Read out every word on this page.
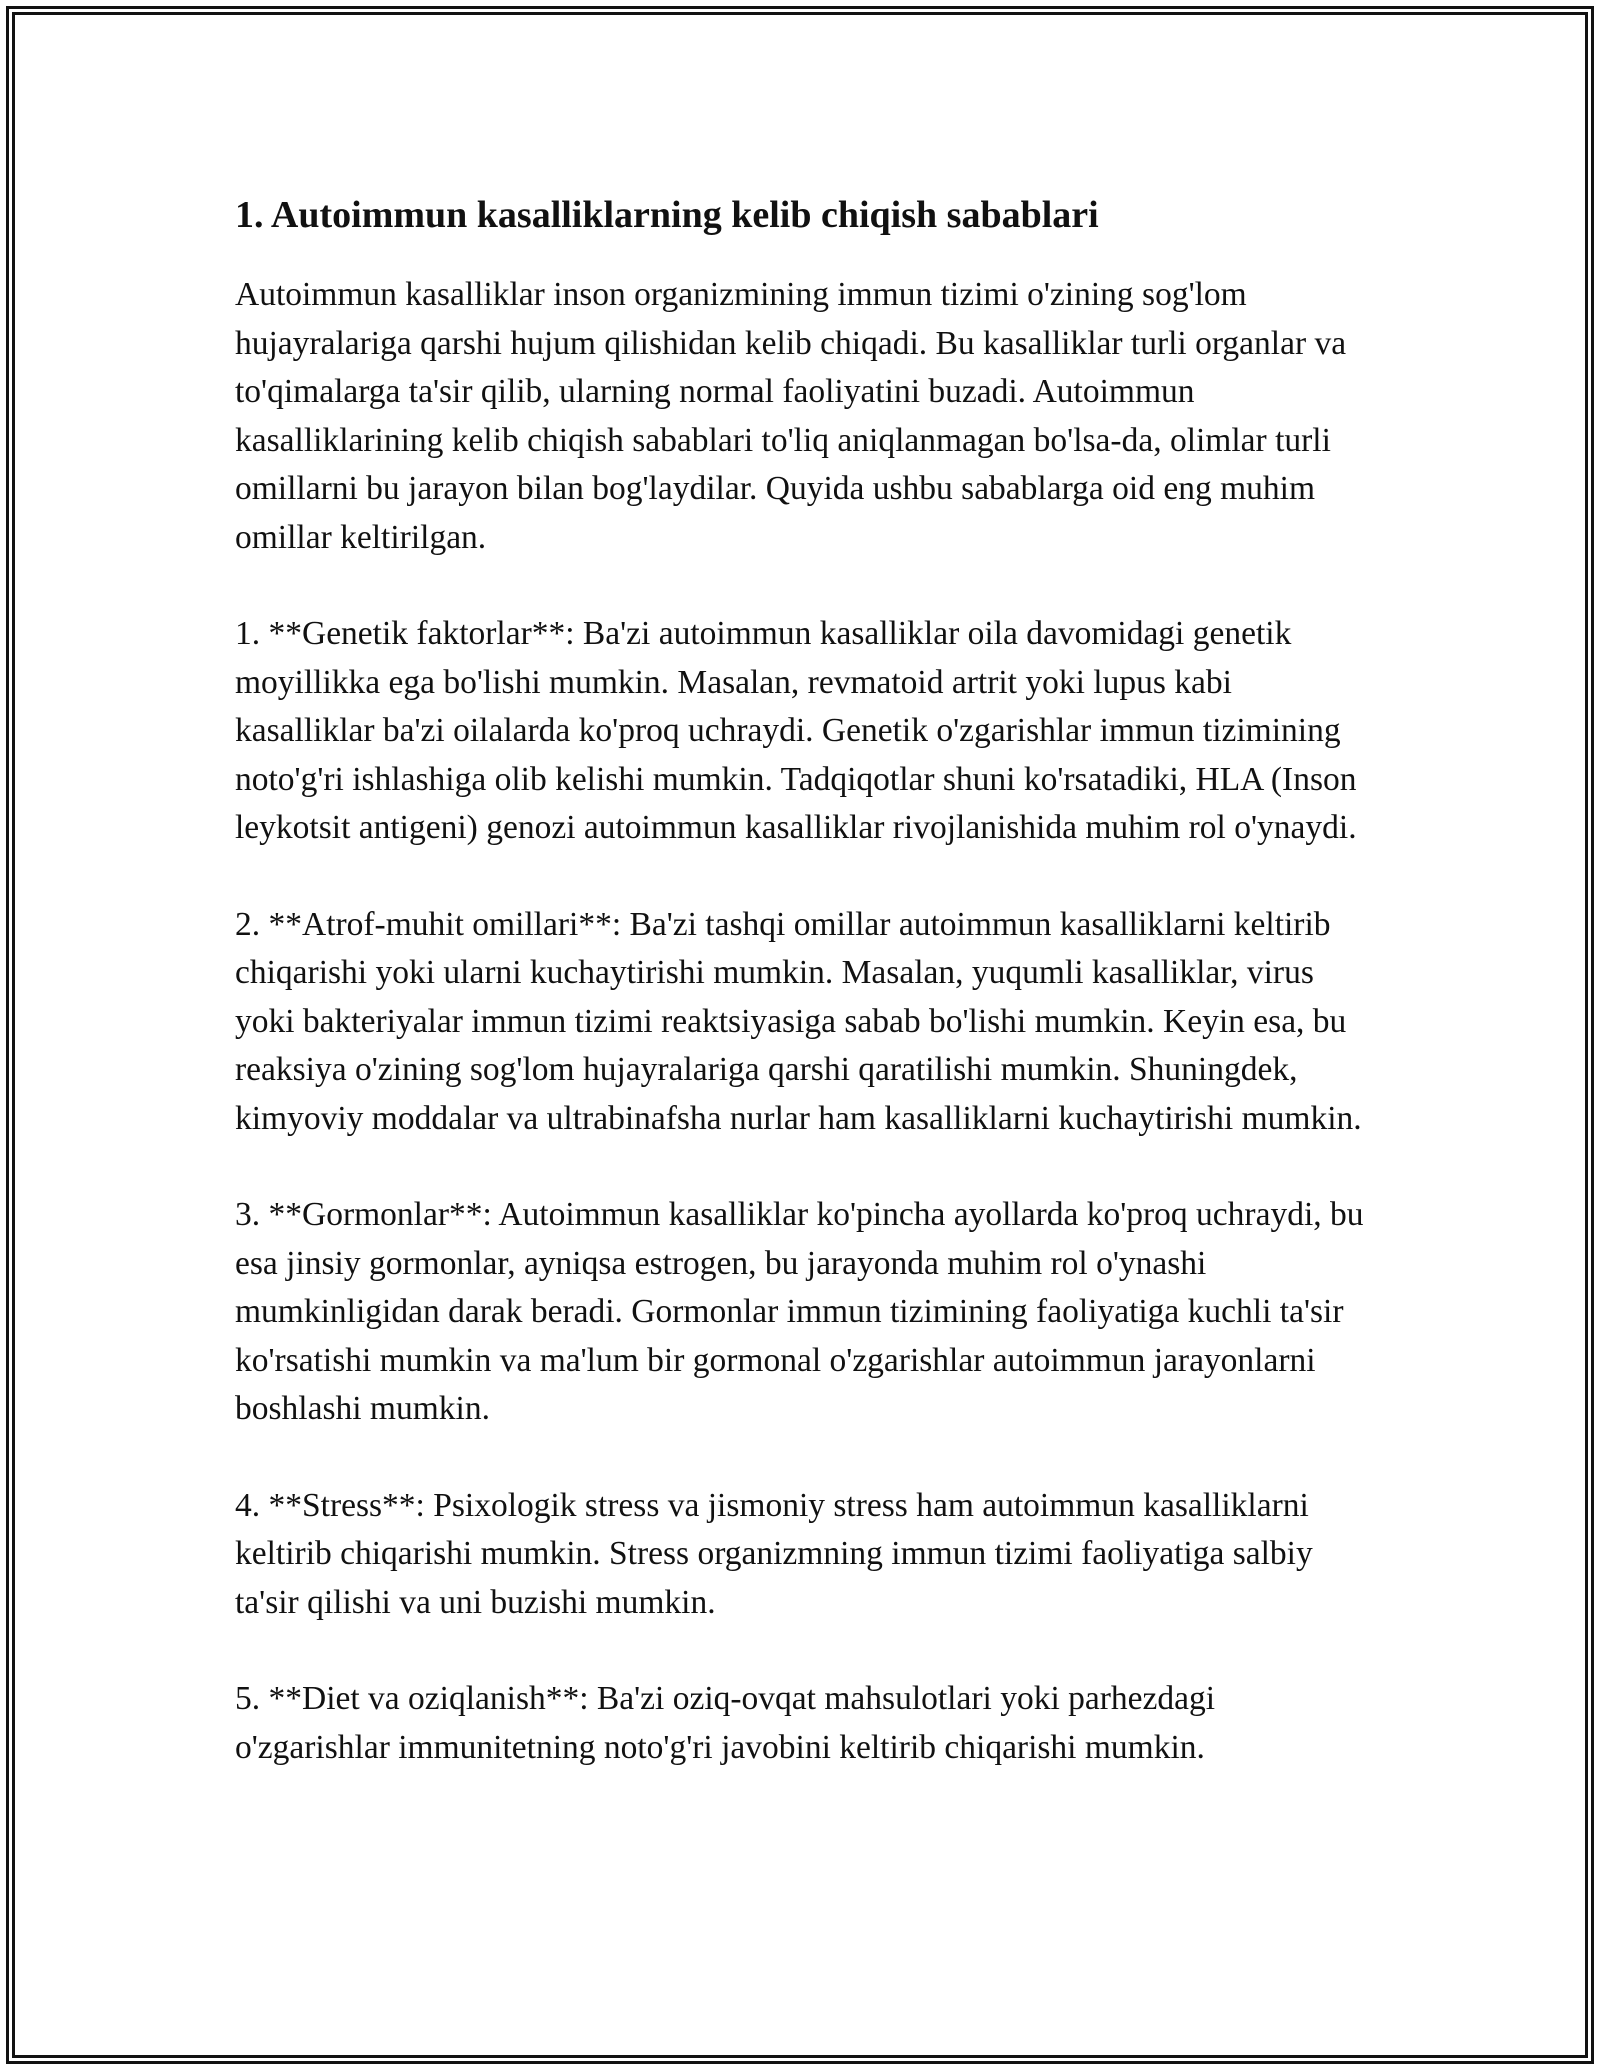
1. Autoimmun kasalliklarning kelib chiqish sabablari

Autoimmun kasalliklar inson organizmining immun tizimi o'zining sog'lom hujayralariga qarshi hujum qilishidan kelib chiqadi. Bu kasalliklar turli organlar va to'qimalarga ta'sir qilib, ularning normal faoliyatini buzadi. Autoimmun kasalliklarining kelib chiqish sabablari to'liq aniqlanmagan bo'lsa-da, olimlar turli omillarni bu jarayon bilan bog'laydilar. Quyida ushbu sabablarga oid eng muhim omillar keltirilgan.

1. **Genetik faktorlar**: Ba'zi autoimmun kasalliklar oila davomidagi genetik moyillikka ega bo'lishi mumkin. Masalan, revmatoid artrit yoki lupus kabi kasalliklar ba'zi oilalarda ko'proq uchraydi. Genetik o'zgarishlar immun tizimining noto'g'ri ishlashiga olib kelishi mumkin. Tadqiqotlar shuni ko'rsatadiki, HLA (Inson leykotsit antigeni) genozi autoimmun kasalliklar rivojlanishida muhim rol o'ynaydi.

2. **Atrof-muhit omillari**: Ba'zi tashqi omillar autoimmun kasalliklarni keltirib chiqarishi yoki ularni kuchaytirishi mumkin. Masalan, yuqumli kasalliklar, virus yoki bakteriyalar immun tizimi reaktsiyasiga sabab bo'lishi mumkin. Keyin esa, bu reaksiya o'zining sog'lom hujayralariga qarshi qaratilishi mumkin. Shuningdek, kimyoviy moddalar va ultrabinafsha nurlar ham kasalliklarni kuchaytirishi mumkin.

3. **Gormonlar**: Autoimmun kasalliklar ko'pincha ayollarda ko'proq uchraydi, bu esa jinsiy gormonlar, ayniqsa estrogen, bu jarayonda muhim rol o'ynashi mumkinligidan darak beradi. Gormonlar immun tizimining faoliyatiga kuchli ta'sir ko'rsatishi mumkin va ma'lum bir gormonal o'zgarishlar autoimmun jarayonlarni boshlashi mumkin.

4. **Stress**: Psixologik stress va jismoniy stress ham autoimmun kasalliklarni keltirib chiqarishi mumkin. Stress organizmning immun tizimi faoliyatiga salbiy ta'sir qilishi va uni buzishi mumkin.

5. **Diet va oziqlanish**: Ba'zi oziq-ovqat mahsulotlari yoki parhezdagi o'zgarishlar immunitetning noto'g'ri javobini keltirib chiqarishi mumkin.
